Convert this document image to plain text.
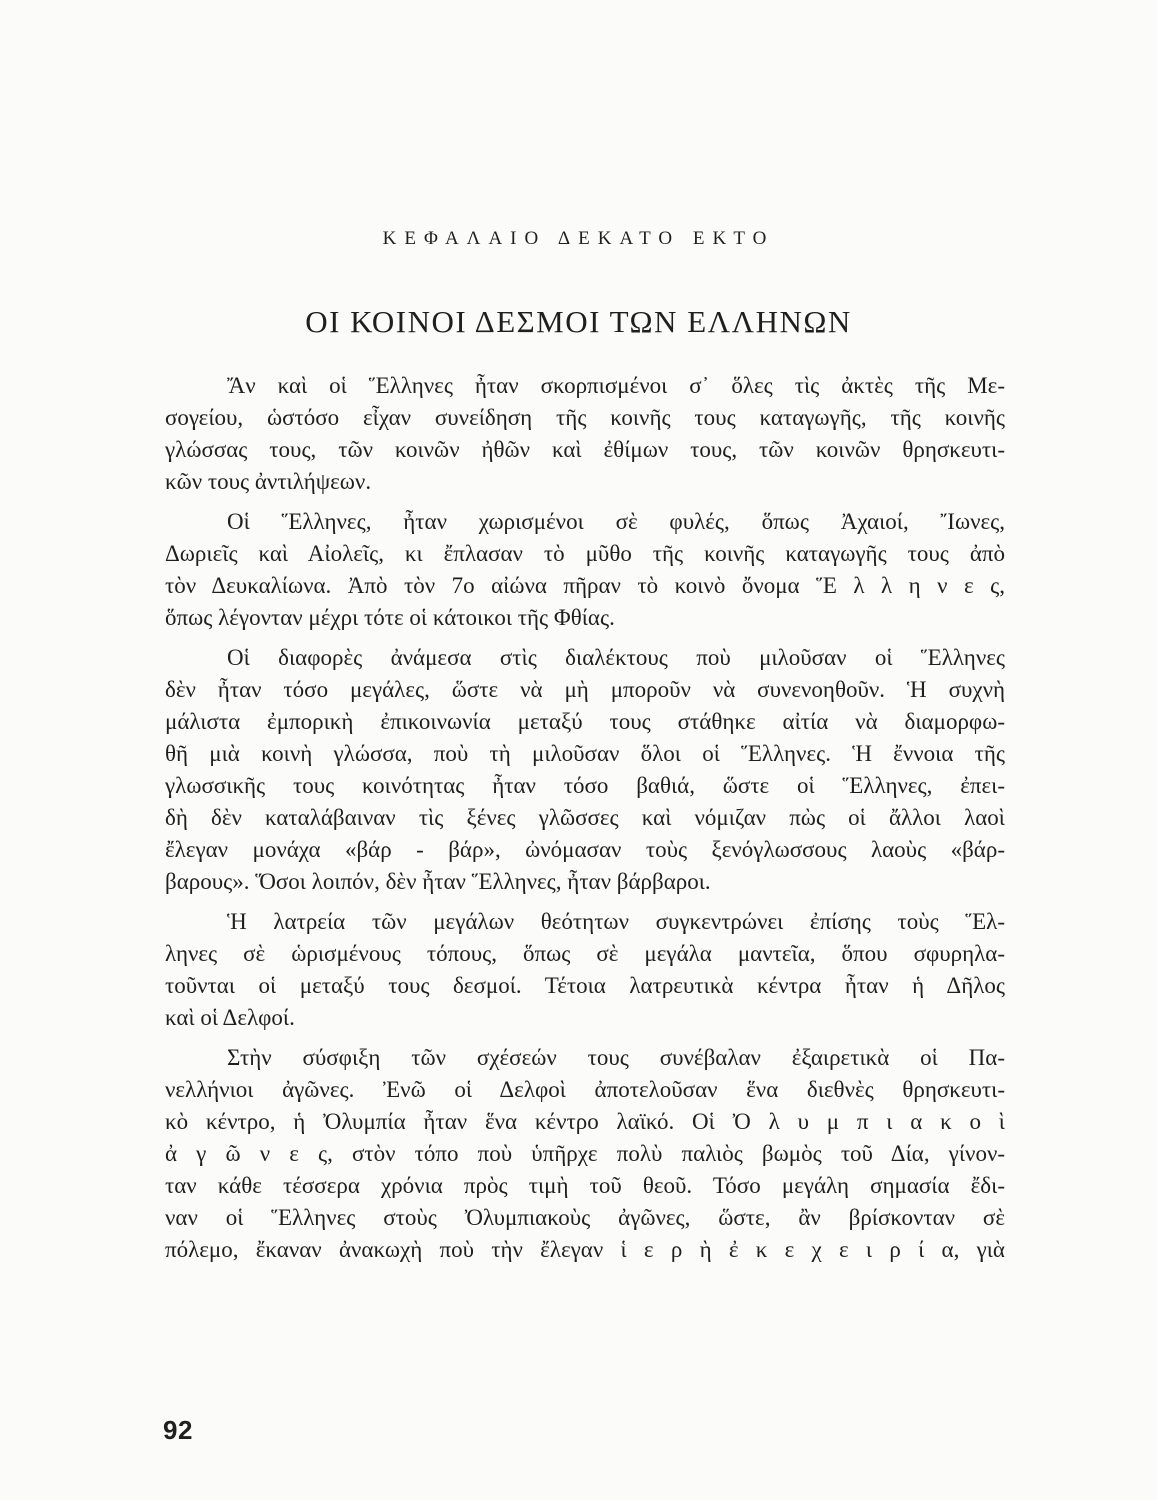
ΚΕΦΑΛΑΙΟ ΔΕΚΑΤΟ ΕΚΤΟ
ΟΙ ΚΟΙΝΟΙ ΔΕΣΜΟΙ ΤΩΝ ΕΛΛΗΝΩΝ
Ἄν καὶ οἱ Ἕλληνες ἦταν σκορπισμένοι σ᾽ ὅλες τὶς ἀκτὲς τῆς Με-
σογείου, ὡστόσο εἶχαν συνείδηση τῆς κοινῆς τους καταγωγῆς, τῆς κοινῆς
γλώσσας τους, τῶν κοινῶν ἠθῶν καὶ ἐθίμων τους, τῶν κοινῶν θρησκευτι-
κῶν τους ἀντιλήψεων.
Οἱ Ἕλληνες, ἦταν χωρισμένοι σὲ φυλές, ὅπως Ἀχαιοί, Ἴωνες,
Δωριεῖς καὶ Αἰολεῖς, κι ἔπλασαν τὸ μῦθο τῆς κοινῆς καταγωγῆς τους ἀπὸ
τὸν Δευκαλίωνα. Ἀπὸ τὸν 7ο αἰώνα πῆραν τὸ κοινὸ ὄνομα Ἕ λ λ η ν ε ς,
ὅπως λέγονταν μέχρι τότε οἱ κάτοικοι τῆς Φθίας.
Οἱ διαφορὲς ἀνάμεσα στὶς διαλέκτους ποὺ μιλοῦσαν οἱ Ἕλληνες
δὲν ἦταν τόσο μεγάλες, ὥστε νὰ μὴ μποροῦν νὰ συνενοηθοῦν. Ἡ συχνὴ
μάλιστα ἐμπορικὴ ἐπικοινωνία μεταξύ τους στάθηκε αἰτία νὰ διαμορφω-
θῆ μιὰ κοινὴ γλώσσα, ποὺ τὴ μιλοῦσαν ὅλοι οἱ Ἕλληνες. Ἡ ἔννοια τῆς
γλωσσικῆς τους κοινότητας ἦταν τόσο βαθιά, ὥστε οἱ Ἕλληνες, ἐπει-
δὴ δὲν καταλάβαιναν τὶς ξένες γλῶσσες καὶ νόμιζαν πὼς οἱ ἄλλοι λαοὶ
ἔλεγαν μονάχα «βάρ - βάρ», ὠνόμασαν τοὺς ξενόγλωσσους λαοὺς «βάρ-
βαρους». Ὅσοι λοιπόν, δὲν ἦταν Ἕλληνες, ἦταν βάρβαροι.
Ἡ λατρεία τῶν μεγάλων θεότητων συγκεντρώνει ἐπίσης τοὺς Ἕλ-
ληνες σὲ ὡρισμένους τόπους, ὅπως σὲ μεγάλα μαντεῖα, ὅπου σφυρηλα-
τοῦνται οἱ μεταξύ τους δεσμοί. Τέτοια λατρευτικὰ κέντρα ἦταν ἡ Δῆλος
καὶ οἱ Δελφοί.
Στὴν σύσφιξη τῶν σχέσεών τους συνέβαλαν ἐξαιρετικὰ οἱ Πα-
νελλήνιοι ἀγῶνες. Ἐνῶ οἱ Δελφοὶ ἀποτελοῦσαν ἕνα διεθνὲς θρησκευτι-
κὸ κέντρο, ἡ Ὀλυμπία ἦταν ἕνα κέντρο λαϊκό. Οἱ Ὀ λ υ μ π ι α κ ο ὶ
ἀ γ ῶ ν ε ς, στὸν τόπο ποὺ ὑπῆρχε πολὺ παλιὸς βωμὸς τοῦ Δία, γίνον-
ταν κάθε τέσσερα χρόνια πρὸς τιμὴ τοῦ θεοῦ. Τόσο μεγάλη σημασία ἔδι-
ναν οἱ Ἕλληνες στοὺς Ὀλυμπιακοὺς ἀγῶνες, ὥστε, ἂν βρίσκονταν σὲ
πόλεμο, ἔκαναν ἀνακωχὴ ποὺ τὴν ἔλεγαν ἱ ε ρ ὴ ἐ κ ε χ ε ι ρ ί α, γιὰ
92
